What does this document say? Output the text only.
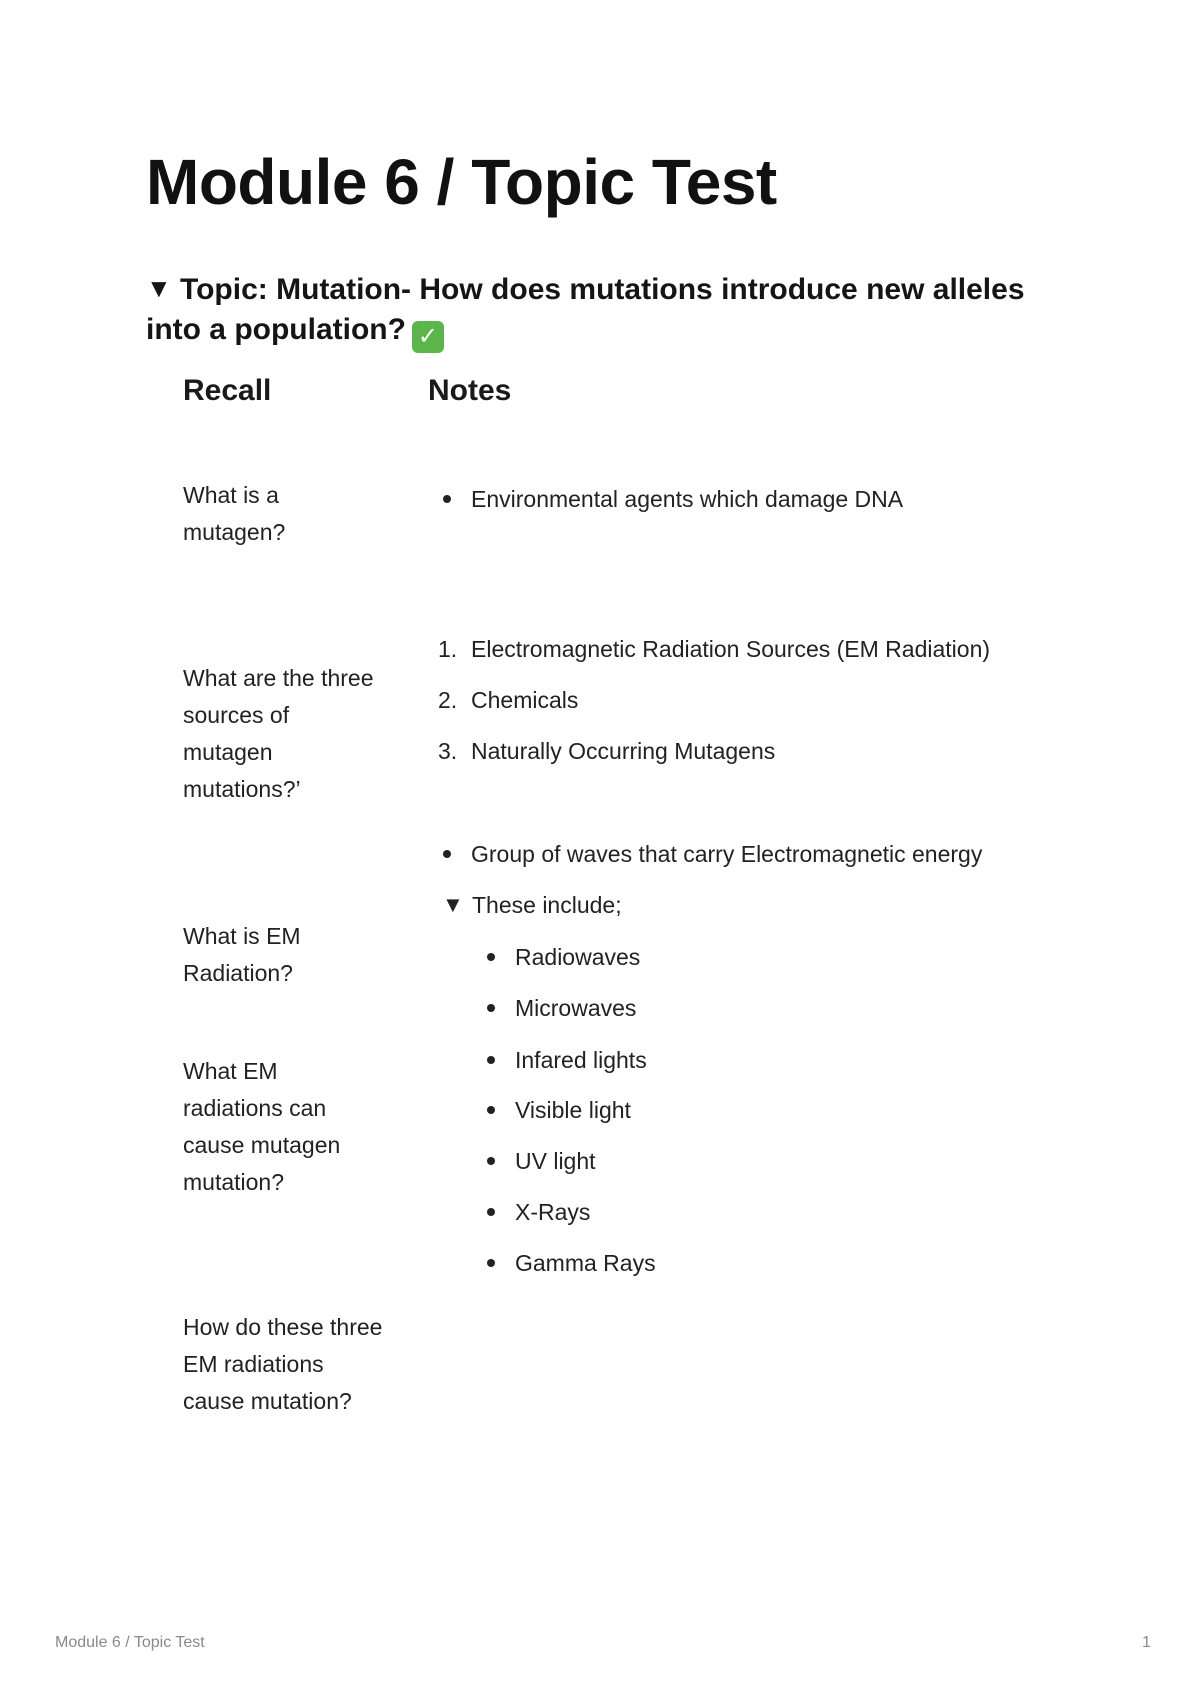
Module 6 / Topic Test
▼ Topic: Mutation- How does mutations introduce new alleles into a population? ✓
Recall	Notes
What is a mutagen?
What are the three sources of mutagen mutations?’
What is EM Radiation?
What EM radiations can cause mutagen mutation?
How do these three EM radiations cause mutation?
Environmental agents which damage DNA
1. Electromagnetic Radiation Sources (EM Radiation)
2. Chemicals
3. Naturally Occurring Mutagens
Group of waves that carry Electromagnetic energy
▼ These include;
Radiowaves
Microwaves
Infared lights
Visible light
UV light
X-Rays
Gamma Rays
Module 6 / Topic Test	1
